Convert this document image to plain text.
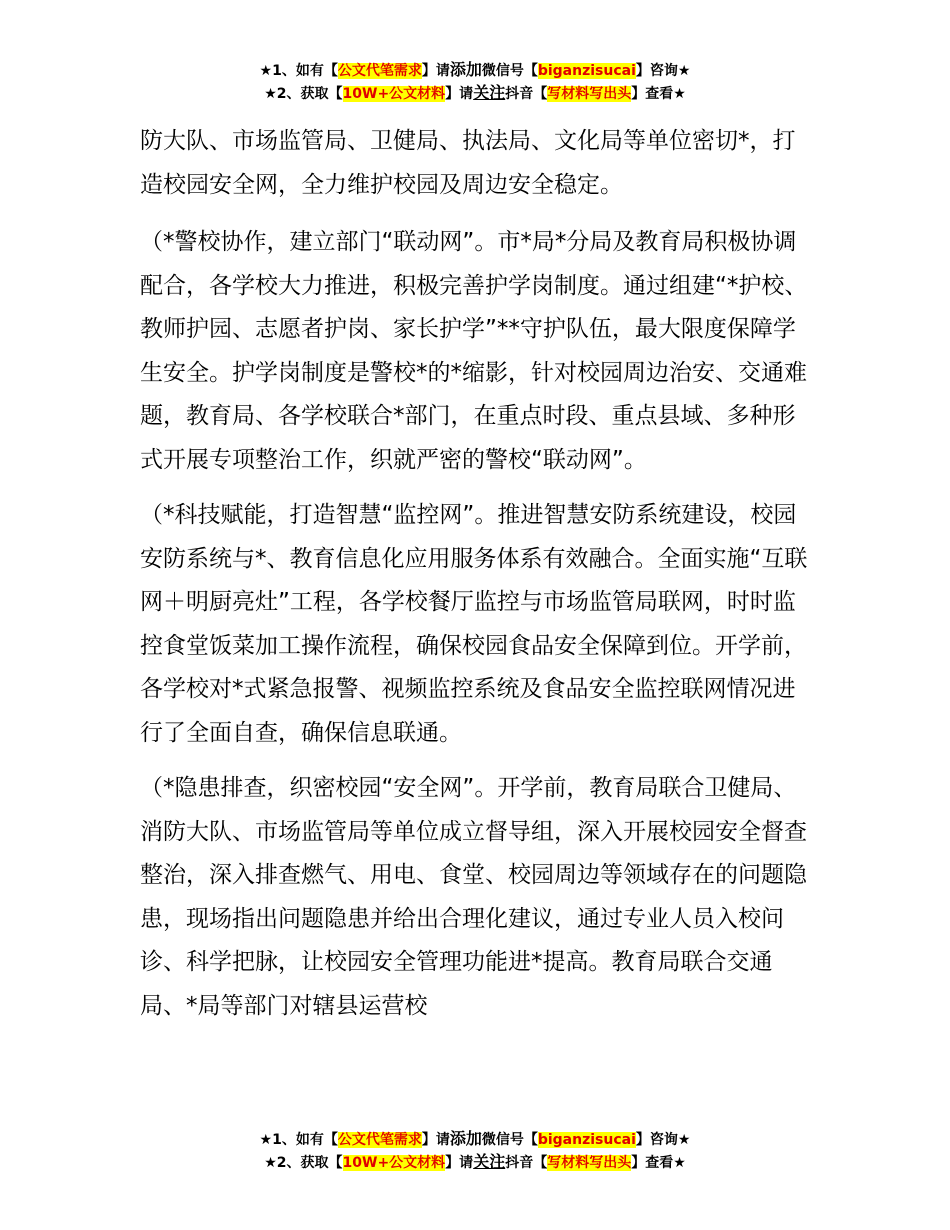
★1、如有【公文代笔需求】请添加微信号【biganzisucai】咨询★
★2、获取【10W+公文材料】请关注抖音【写材料写出头】查看★

防大队、市场监管局、卫健局、执法局、文化局等单位密切*，打造校园安全网，全力维护校园及周边安全稳定。

（*警校协作，建立部门“联动网”。市*局*分局及教育局积极协调配合，各学校大力推进，积极完善护学岗制度。通过组建“*护校、教师护园、志愿者护岗、家长护学”**守护队伍，最大限度保障学生安全。护学岗制度是警校*的*缩影，针对校园周边治安、交通难题，教育局、各学校联合*部门，在重点时段、重点县域、多种形式开展专项整治工作，织就严密的警校“联动网”。

（*科技赋能，打造智慧“监控网”。推进智慧安防系统建设，校园安防系统与*、教育信息化应用服务体系有效融合。全面实施“互联网＋明厨亮灶”工程，各学校餐厅监控与市场监管局联网，时时监控食堂饭菜加工操作流程，确保校园食品安全保障到位。开学前，各学校对*式紧急报警、视频监控系统及食品安全监控联网情况进行了全面自查，确保信息联通。

（*隐患排查，织密校园“安全网”。开学前，教育局联合卫健局、消防大队、市场监管局等单位成立督导组，深入开展校园安全督查整治，深入排查燃气、用电、食堂、校园周边等领域存在的问题隐患，现场指出问题隐患并给出合理化建议，通过专业人员入校问诊、科学把脉，让校园安全管理功能进*提高。教育局联合交通局、*局等部门对辖县运营校

★1、如有【公文代笔需求】请添加微信号【biganzisucai】咨询★
★2、获取【10W+公文材料】请关注抖音【写材料写出头】查看★
